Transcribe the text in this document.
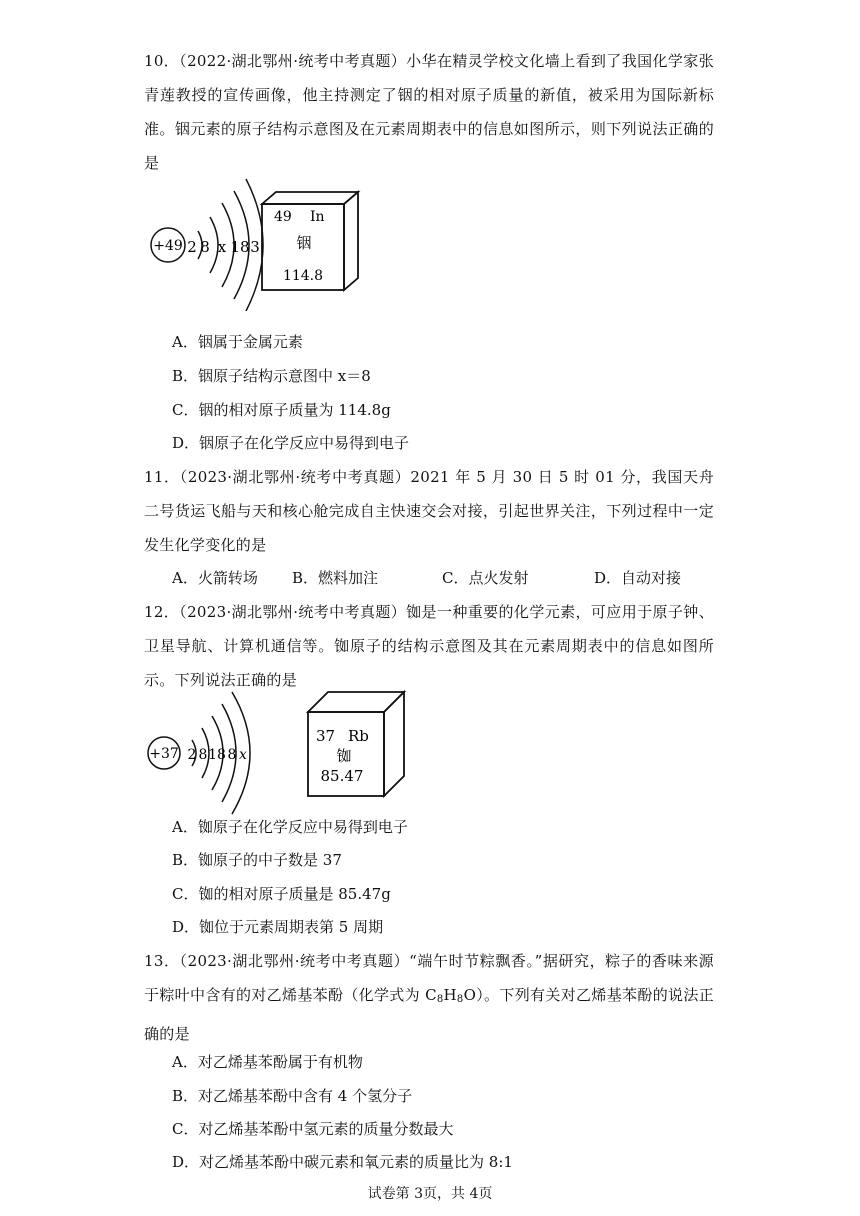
10．（2022·湖北鄂州·统考中考真题）小华在精灵学校文化墙上看到了我国化学家张青莲教授的宣传画像，他主持测定了铟的相对原子质量的新值，被采用为国际新标准。铟元素的原子结构示意图及在元素周期表中的信息如图所示，则下列说法正确的是
+49 2 8 x 18 3
49 In
铟
114.8
A．铟属于金属元素
B．铟原子结构示意图中 x＝8
C．铟的相对原子质量为 114.8g
D．铟原子在化学反应中易得到电子
11．（2023·湖北鄂州·统考中考真题）2021 年 5 月 30 日 5 时 01 分，我国天舟二号货运飞船与天和核心舱完成自主快速交会对接，引起世界关注，下列过程中一定发生化学变化的是
A．火箭转场 B．燃料加注	C．点火发射	D．自动对接
12．（2023·湖北鄂州·统考中考真题）铷是一种重要的化学元素，可应用于原子钟、卫星导航、计算机通信等。铷原子的结构示意图及其在元素周期表中的信息如图所示。下列说法正确的是
+37 2 8 18 8 x
37 Rb
铷
85.47
A．铷原子在化学反应中易得到电子
B．铷原子的中子数是 37
C．铷的相对原子质量是 85.47g
D．铷位于元素周期表第 5 周期
13．（2023·湖北鄂州·统考中考真题）“端午时节粽飘香。”据研究，粽子的香味来源于粽叶中含有的对乙烯基苯酚（化学式为 $C_8H_8O$）。下列有关对乙烯基苯酚的说法正确的是
A．对乙烯基苯酚属于有机物
B．对乙烯基苯酚中含有 4 个氢分子
C．对乙烯基苯酚中氢元素的质量分数最大
D．对乙烯基苯酚中碳元素和氧元素的质量比为 8:1
试卷第 3页，共 4页
